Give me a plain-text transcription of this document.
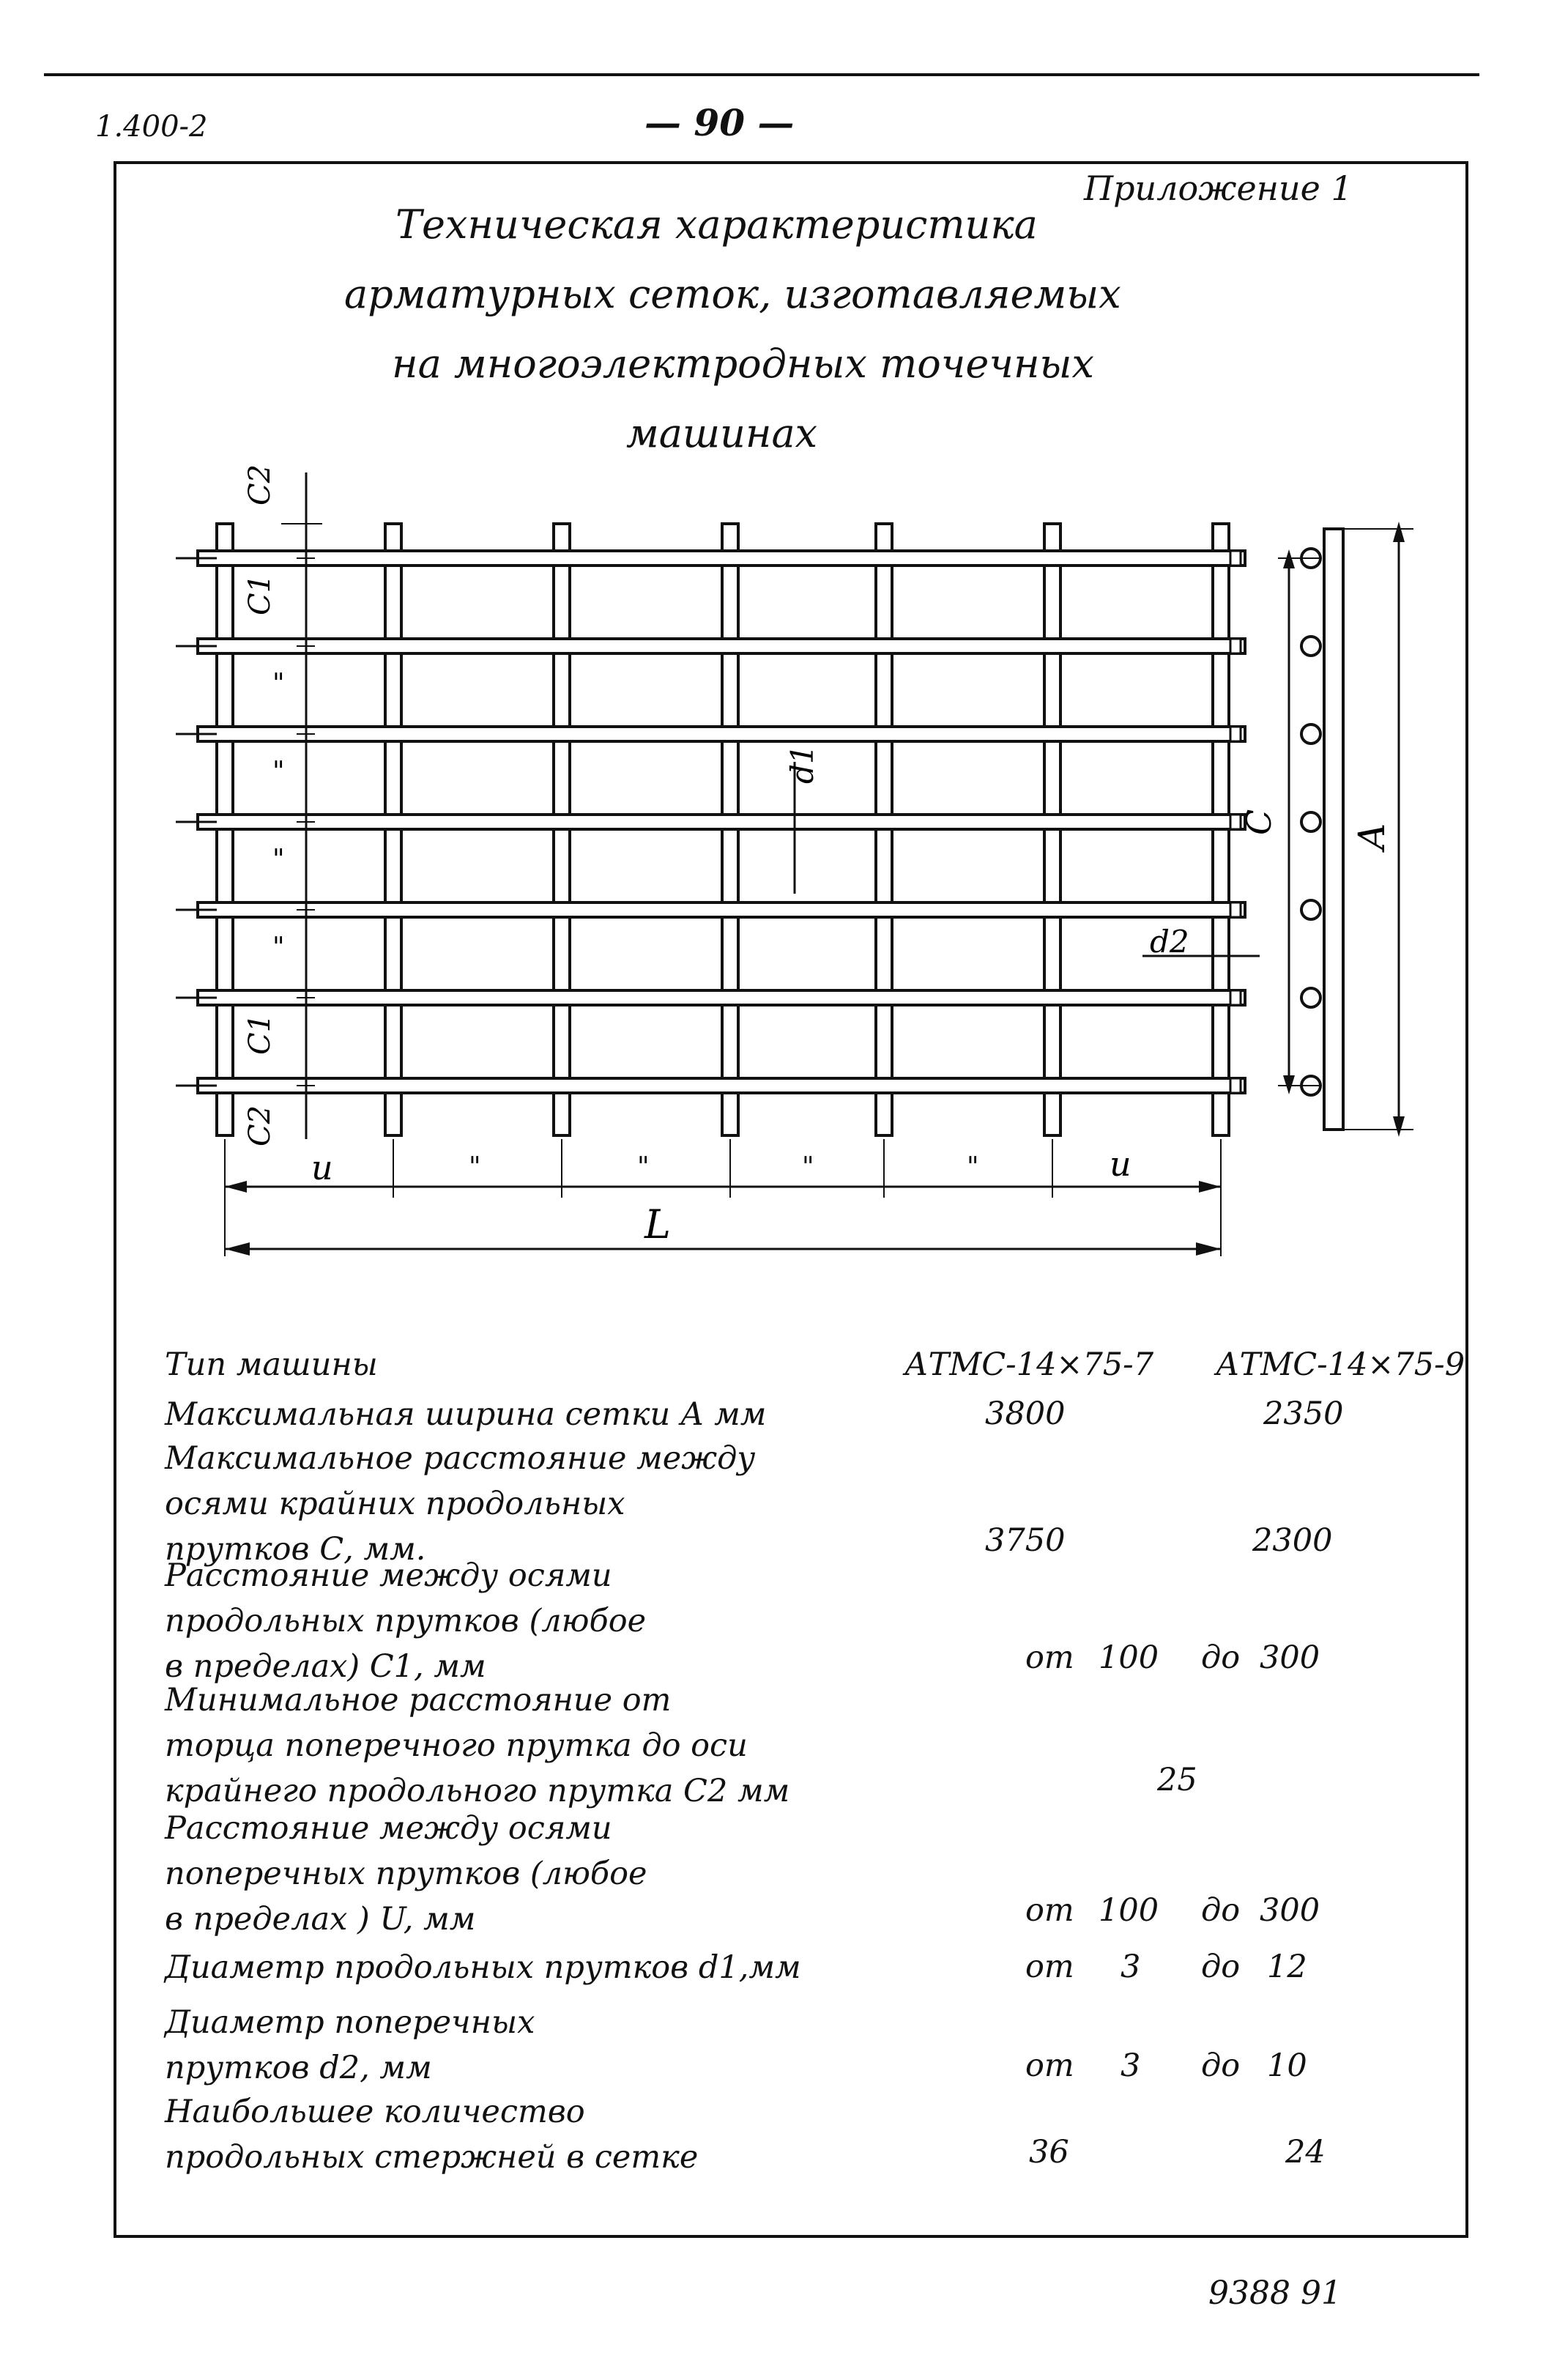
1.400-2	— 90 —
Приложение 1
Техническая характеристика
арматурных сеток, изготавляемых
на многоэлектродных точечных
машинах
C2
C1
"
"
"
"
C1
C2
d1
d2
C
A
u	"	"	"	"	u
L
Тип машины	АТМС-14×75-7 АТМС-14×75-9
Максимальная ширина сетки А мм	3800	2350
Максимальное расстояние между
осями крайних продольных
прутков С, мм.	3750	2300
Расстояние между осями
продольных прутков (любое
в пределах) С1, мм	от 100 до 300
Минимальное расстояние от
торца поперечного прутка до оси
крайнего продольного прутка С2 мм	25
Расстояние между осями
поперечных прутков (любое
в пределах ) U, мм	от 100 до 300
Диаметр продольных прутков d1,мм	от 3 до 12
Диаметр поперечных
прутков d2, мм	от 3 до 10
Наибольшее количество
продольных стержней в сетке	36	24
9388 91
